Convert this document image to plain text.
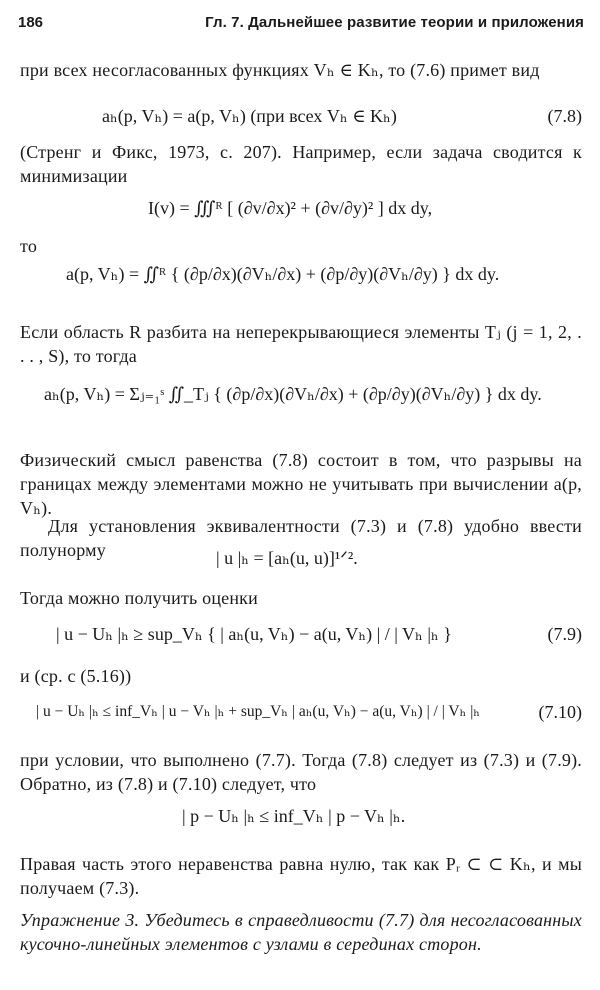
186	Гл. 7. Дальнейшее развитие теории и приложения
при всех несогласованных функциях Vₕ ∈ Kₕ, то (7.6) примет вид
aₕ(p, Vₕ) = a(p, Vₕ) (при всех Vₕ ∈ Kₕ)	(7.8)
(Стренг и Фикс, 1973, с. 207). Например, если задача сводится к минимизации
I(v) = ∭ᴿ [ (∂v/∂x)² + (∂v/∂y)² ] dx dy,
то
a(p, Vₕ) = ∬ᴿ { (∂p/∂x)(∂Vₕ/∂x) + (∂p/∂y)(∂Vₕ/∂y) } dx dy.
Если область R разбита на неперекрывающиеся элементы Tⱼ (j = 1, 2, . . . , S), то тогда
aₕ(p, Vₕ) = Σⱼ₌₁ˢ ∬_Tⱼ { (∂p/∂x)(∂Vₕ/∂x) + (∂p/∂y)(∂Vₕ/∂y) } dx dy.
Физический смысл равенства (7.8) состоит в том, что разрывы на границах между элементами можно не учитывать при вычислении a(p, Vₕ).
Для установления эквивалентности (7.3) и (7.8) удобно ввести полунорму	| u |ₕ = [aₕ(u, u)]¹ᐟ².
Тогда можно получить оценки
| u − Uₕ |ₕ ≥ sup_Vₕ { | aₕ(u, Vₕ) − a(u, Vₕ) | / | Vₕ |ₕ }	(7.9)
и (ср. с (5.16))
| u − Uₕ |ₕ ≤ inf_Vₕ | u − Vₕ |ₕ + sup_Vₕ | aₕ(u, Vₕ) − a(u, Vₕ) | / | Vₕ |ₕ	(7.10)
при условии, что выполнено (7.7). Тогда (7.8) следует из (7.3) и (7.9). Обратно, из (7.8) и (7.10) следует, что
| p − Uₕ |ₕ ≤ inf_Vₕ | p − Vₕ |ₕ.
Правая часть этого неравенства равна нулю, так как Pᵣ ⊂ ⊂ Kₕ, и мы получаем (7.3).
Упражнение 3. Убедитесь в справедливости (7.7) для несогласованных кусочно-линейных элементов с узлами в серединах сторон.
